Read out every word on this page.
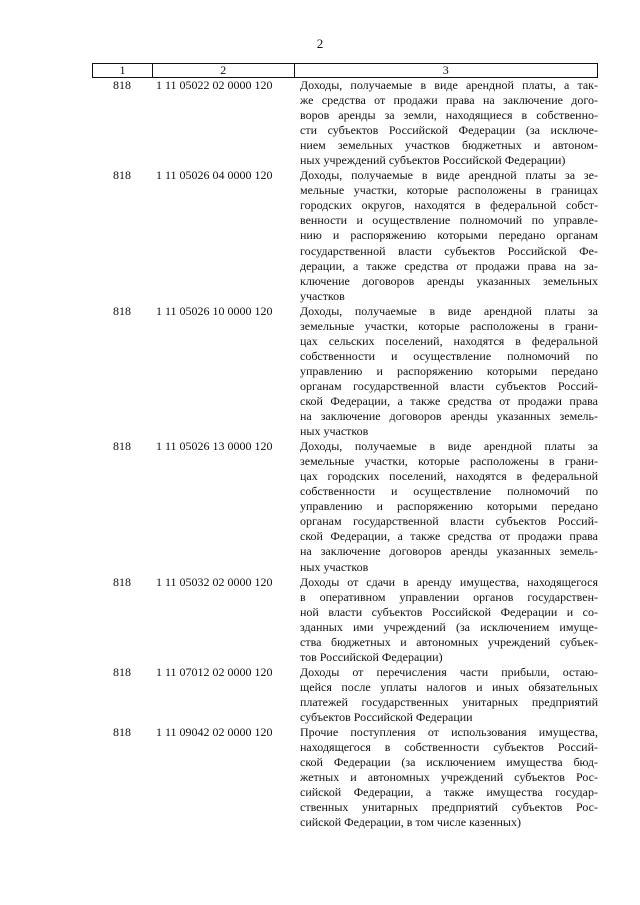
2
1	2	3
818	1 11 05022 02 0000 120	Доходы, получаемые в виде арендной платы, а так-
же средства от продажи права на заключение дого-
воров аренды за земли, находящиеся в собственно-
сти субъектов Российской Федерации (за исключе-
нием земельных участков бюджетных и автоном-
ных учреждений субъектов Российской Федерации)
818	1 11 05026 04 0000 120	Доходы, получаемые в виде арендной платы за зе-
мельные участки, которые расположены в границах
городских округов, находятся в федеральной собст-
венности и осуществление полномочий по управле-
нию и распоряжению которыми передано органам
государственной власти субъектов Российской Фе-
дерации, а также средства от продажи права на за-
ключение договоров аренды указанных земельных
участков
818	1 11 05026 10 0000 120	Доходы, получаемые в виде арендной платы за
земельные участки, которые расположены в грани-
цах сельских поселений, находятся в федеральной
собственности и осуществление полномочий по
управлению и распоряжению которыми передано
органам государственной власти субъектов Россий-
ской Федерации, а также средства от продажи права
на заключение договоров аренды указанных земель-
ных участков
818	1 11 05026 13 0000 120	Доходы, получаемые в виде арендной платы за
земельные участки, которые расположены в грани-
цах городских поселений, находятся в федеральной
собственности и осуществление полномочий по
управлению и распоряжению которыми передано
органам государственной власти субъектов Россий-
ской Федерации, а также средства от продажи права
на заключение договоров аренды указанных земель-
ных участков
818	1 11 05032 02 0000 120	Доходы от сдачи в аренду имущества, находящегося
в оперативном управлении органов государствен-
ной власти субъектов Российской Федерации и со-
зданных ими учреждений (за исключением имуще-
ства бюджетных и автономных учреждений субъек-
тов Российской Федерации)
818	1 11 07012 02 0000 120	Доходы от перечисления части прибыли, остаю-
щейся после уплаты налогов и иных обязательных
платежей государственных унитарных предприятий
субъектов Российской Федерации
818	1 11 09042 02 0000 120	Прочие поступления от использования имущества,
находящегося в собственности субъектов Россий-
ской Федерации (за исключением имущества бюд-
жетных и автономных учреждений субъектов Рос-
сийской Федерации, а также имущества государ-
ственных унитарных предприятий субъектов Рос-
сийской Федерации, в том числе казенных)
